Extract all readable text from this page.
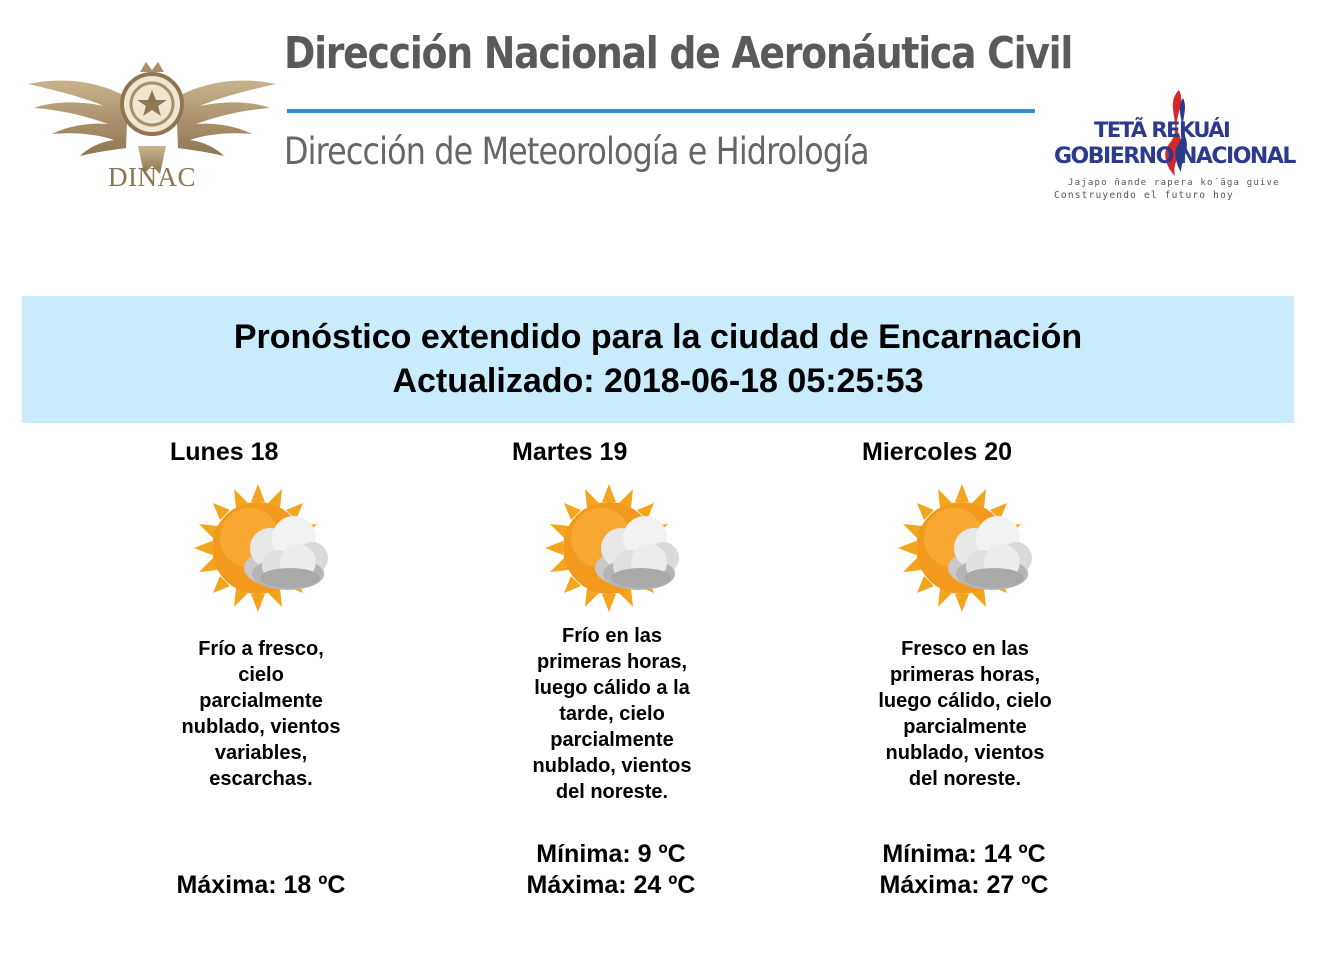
DINAC
Dirección Nacional de Aeronáutica Civil
Dirección de Meteorología e Hidrología	TETÃ REKUÁI
GOBIERNO NACIONAL
Jajapo ñande rapera ko´ãga guive
Construyendo el futuro hoy
Pronóstico extendido para la ciudad de Encarnación
Actualizado: 2018-06-18 05:25:53
Lunes 18
Frío a fresco,
cielo
parcialmente
nublado, vientos
variables,
escarchas.
Máxima: 18 ºC
Martes 19
Frío en las
primeras horas,
luego cálido a la
tarde, cielo
parcialmente
nublado, vientos
del noreste.
Mínima: 9 ºC
Máxima: 24 ºC
Miercoles 20
Fresco en las
primeras horas,
luego cálido, cielo
parcialmente
nublado, vientos
del noreste.
Mínima: 14 ºC
Máxima: 27 ºC
